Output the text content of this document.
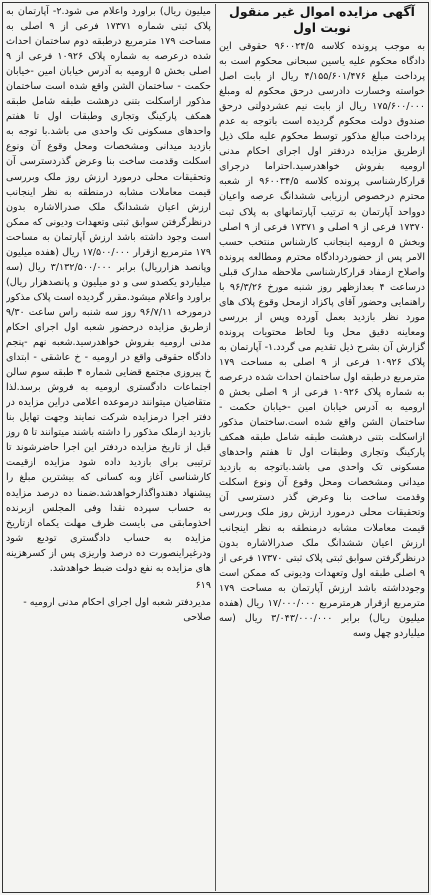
آگهی مزایده اموال غیر منقول نوبت اول

به موجب پرونده کلاسه ۹۶۰۰۲۴/۵ حقوقی این دادگاه محکوم علیه یاسین سبحانی محکوم است به پرداخت مبلغ ۴/۱۵۵/۶۰۱/۴۷۶ ریال از بابت اصل خواسته وخسارت دادرسی درحق محکوم له ومبلغ ۱۷۵/۶۰۰/۰۰۰ ریال از بابت نیم عشردولتی درحق صندوق دولت محکوم گردیده است باتوجه به عدم پرداخت مبالغ مذکور توسط محکوم علیه ملک ذیل ازطریق مزایده دردفتر اول اجرای احکام مدنی ارومیه بفروش خواهدرسید.احتراما درجرای قرارکارشناسی پرونده کلاسه ۹۶۰۰۳۴/۵ از شعبه محترم درخصوص ارزیابی ششدانگ عرصه واعیان دوواحد آپارتمان به ترتیب آپارتمانهای به پلاک ثبت ۱۷۳۷۰ فرعی از ۹ اصلی و ۱۷۳۷۱ فرعی از ۹ اصلی وبخش ۵ ارومیه اینجانب کارشناس منتخب حسب الامر پس از حضوردردادگاه محترم ومطالعه پرونده واصلاح ازمفاد قرارکارشناسی ملاحظه مدارک قبلی درساعت ۴ بعدازظهر روز شنبه مورخ ۹۶/۳/۲۶ با راهنمایی وحضور آقای پاکزاد ازمحل وقوع پلاک های مورد نظر بازدید بعمل آورده وپس از بررسی ومعاینه دقیق محل وبا لحاظ محتویات پرونده گزارش آن بشرح ذیل تقدیم می گردد.۱- آپارتمان به پلاک ۱۰۹۲۶ فرعی از ۹ اصلی به مساحت ۱۷۹ مترمربع درطبقه اول ساختمان احداث شده درعرصه به شماره پلاک ۱۰۹۲۶ فرعی از ۹ اصلی بخش ۵ ارومیه به آدرس خیابان امین -خیابان حکمت - ساختمان الشن واقع شده است.ساختمان مذکور ازاسکلت بتنی درهشت طبقه شامل طبقه همکف پارکینگ وتجاری وطبقات اول تا هفتم واحدهای مسکونی تک واحدی می باشد.باتوجه به بازدید میدانی ومشخصات ومحل وقوع آن ونوع اسکلت وقدمت ساخت بنا وعرض گذر دسترسی آن وتحقیقات محلی درمورد ارزش روز ملک وبررسی قیمت معاملات مشابه درمنطقه به نظر اینجانب ارزش اعیان ششدانگ ملک صدرالاشاره بدون درنظرگرفتن سوابق ثبتی پلاک ثبتی ۱۷۳۷۰ فرعی از ۹ اصلی طبقه اول وتعهدات ودیونی که ممکن است وجودداشته باشد ارزش آپارتمان به مساحت ۱۷۹ مترمربع ازقرار هرمترمربع ۱۷/۰۰۰/۰۰۰ ریال (هفده میلیون ریال) برابر ۳/۰۴۳/۰۰۰/۰۰۰ ریال (سه میلیاردو چهل وسه

میلیون ریال) براورد واعلام می شود.۲- آپارتمان به پلاک ثبتی شماره ۱۷۳۷۱ فرعی از ۹ اصلی به مساحت ۱۷۹ مترمربع درطبقه دوم ساختمان احداث شده درعرصه به شماره پلاک ۱۰۹۲۶ فرعی از ۹ اصلی بخش ۵ ارومیه به آدرس خیابان امین -خیابان حکمت - ساختمان الشن واقع شده است ساختمان مذکور ازاسکلت بتنی درهشت طبقه شامل طبقه همکف پارکینگ وتجاری وطبقات اول تا هفتم واحدهای مسکونی تک واحدی می باشد.با توجه به بازدید میدانی ومشخصات ومحل وقوع آن ونوع اسکلت وقدمت ساخت بنا وعرض گذردسترسی آن وتحقیقات محلی درمورد ارزش روز ملک وبررسی قیمت معاملات مشابه درمنطقه به نظر اینجانب ارزش اعیان ششدانگ ملک صدرالاشاره بدون درنظرگرفتن سوابق ثبتی وتعهدات ودیونی که ممکن است وجود داشته باشد ارزش آپارتمان به مساحت ۱۷۹ مترمربع ازقرار ۱۷/۵۰۰/۰۰۰ ریال (هفده میلیون وپانصد هزارریال) برابر ۳/۱۳۲/۵۰۰/۰۰۰ ریال (سه میلیاردو یکصدو سی و دو میلیون و پانصدهزار ریال) براورد واعلام میشود.مقرر گردیده است پلاک مذکور درمورخه ۹۶/۷/۱۱ روز سه شنبه راس ساعت ۹/۳۰ ازطریق مزایده درحضور شعبه اول اجرای احکام مدنی ارومیه بفروش خواهدرسید.شعبه نهم -پنجم دادگاه حقوقی واقع در ارومیه - خ عاشقی - ابتدای خ پیروزی مجتمع قضایی شماره ۴ طبقه سوم سالن اجتماعات دادگستری ارومیه به فروش برسد.لذا متقاضیان میتوانند درموعده اعلامی دراین مزایده در دفتر اجرا درمزایده شرکت نمایند وجهت تهایل بنا بازدید ازملک مذکور را داشته باشند میتوانند تا ۵ روز قبل از تاریخ مزایده دردفتر این اجرا حاضرشوند تا ترتیبی برای بازدید داده شود مزایده ازقیمت کارشناسی آغاز وبه کسانی که بیشترین مبلغ را پیشنهاد دهندواگذارخواهدشد.ضمنا ده درصد مزایده به حساب سپرده نقدا وفی المجلس ازبرنده اخذومابقی می بایست ظرف مهلت یکماه ازتاریخ مزایده به حساب دادگستری تودیع شود ودرغیراینصورت ده درصد واریزی پس از کسرهزینه های مزایده به نفع دولت ضبط خواهدشد.

۶۱۹
مدیردفتر شعبه اول اجرای احکام مدنی ارومیه - صلاحی
